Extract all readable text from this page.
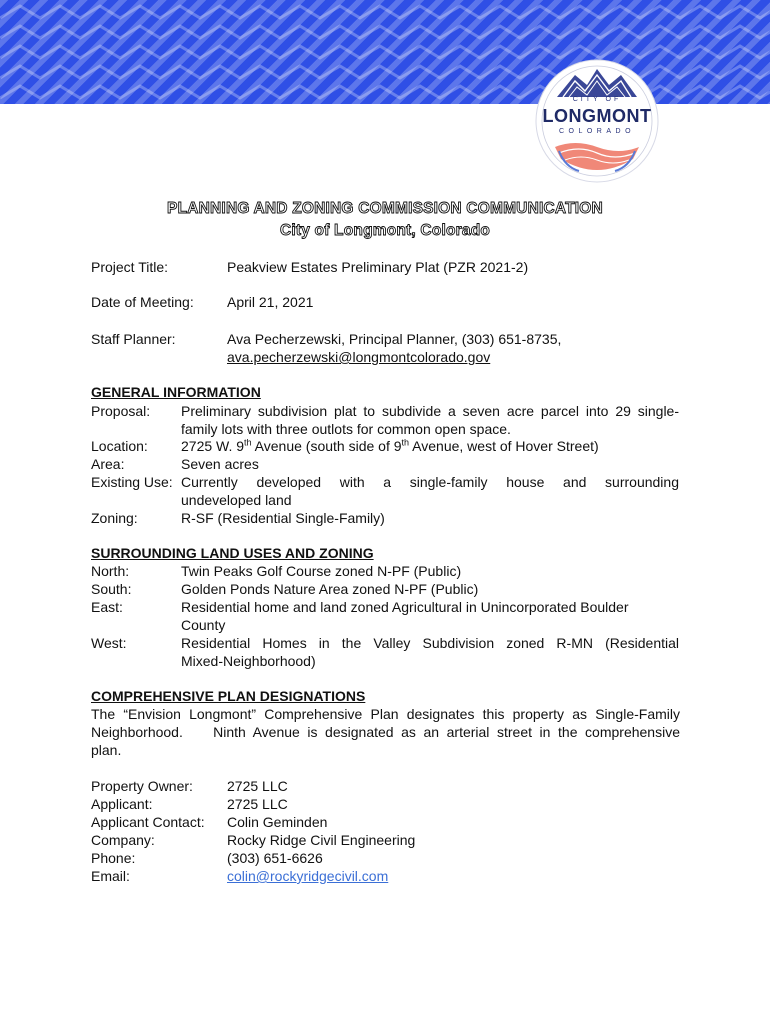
CITY OF
LONGMONT
COLORADO
PLANNING AND ZONING COMMISSION COMMUNICATION
City of Longmont, Colorado
Project Title:	Peakview Estates Preliminary Plat (PZR 2021-2)
Date of Meeting: April 21, 2021
Staff Planner:	Ava Pecherzewski, Principal Planner, (303) 651-8735,
ava.pecherzewski@longmontcolorado.gov
GENERAL INFORMATION
Proposal: Preliminary subdivision plat to subdivide a seven acre parcel into 29 single-
family lots with three outlots for common open space.
Location: 2725 W. 9th Avenue (south side of 9th Avenue, west of Hover Street)
Area:	Seven acres
Existing Use: Currently developed with a single-family house and surrounding
undeveloped land
Zoning:	R-SF (Residential Single-Family)
SURROUNDING LAND USES AND ZONING
North:	Twin Peaks Golf Course zoned N-PF (Public)
South:	Golden Ponds Nature Area zoned N-PF (Public)
East:	Residential home and land zoned Agricultural in Unincorporated Boulder
County
West:	Residential Homes in the Valley Subdivision zoned R-MN (Residential
Mixed-Neighborhood)
COMPREHENSIVE PLAN DESIGNATIONS
The “Envision Longmont” Comprehensive Plan designates this property as Single-Family
Neighborhood.    Ninth Avenue is designated as an arterial street in the comprehensive
plan.
Property Owner: 2725 LLC
Applicant:	2725 LLC
Applicant Contact: Colin Geminden
Company:	Rocky Ridge Civil Engineering
Phone:	(303) 651-6626
Email:	colin@rockyridgecivil.com
